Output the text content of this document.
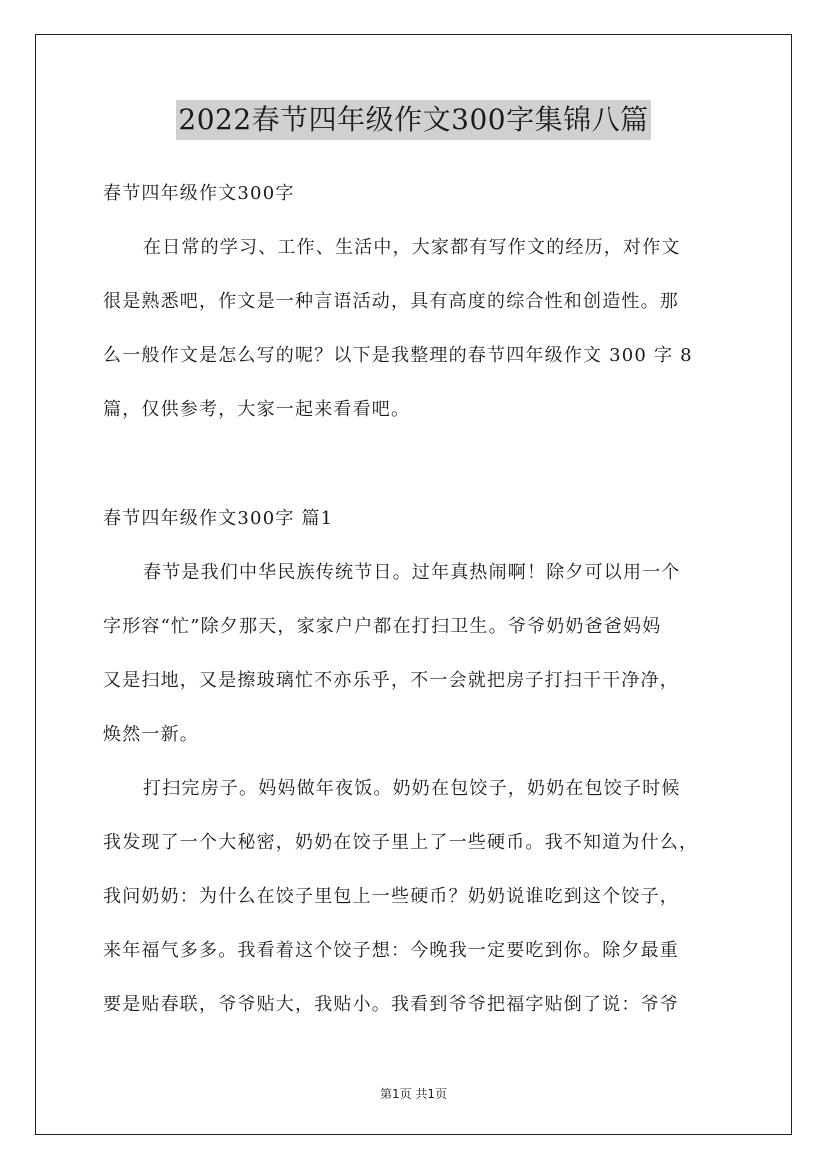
2022春节四年级作文300字集锦八篇
春节四年级作文300字
在日常的学习、工作、生活中，大家都有写作文的经历，对作文
很是熟悉吧，作文是一种言语活动，具有高度的综合性和创造性。那
么一般作文是怎么写的呢？以下是我整理的春节四年级作文 300 字 8
篇，仅供参考，大家一起来看看吧。
春节四年级作文300字 篇1
春节是我们中华民族传统节日。过年真热闹啊！除夕可以用一个
字形容“忙”除夕那天，家家户户都在打扫卫生。爷爷奶奶爸爸妈妈
又是扫地，又是擦玻璃忙不亦乐乎，不一会就把房子打扫干干净净，
焕然一新。
打扫完房子。妈妈做年夜饭。奶奶在包饺子，奶奶在包饺子时候
我发现了一个大秘密，奶奶在饺子里上了一些硬币。我不知道为什么，
我问奶奶：为什么在饺子里包上一些硬币？奶奶说谁吃到这个饺子，
来年福气多多。我看着这个饺子想：今晚我一定要吃到你。除夕最重
要是贴春联，爷爷贴大，我贴小。我看到爷爷把福字贴倒了说：爷爷
第1页 共1页
